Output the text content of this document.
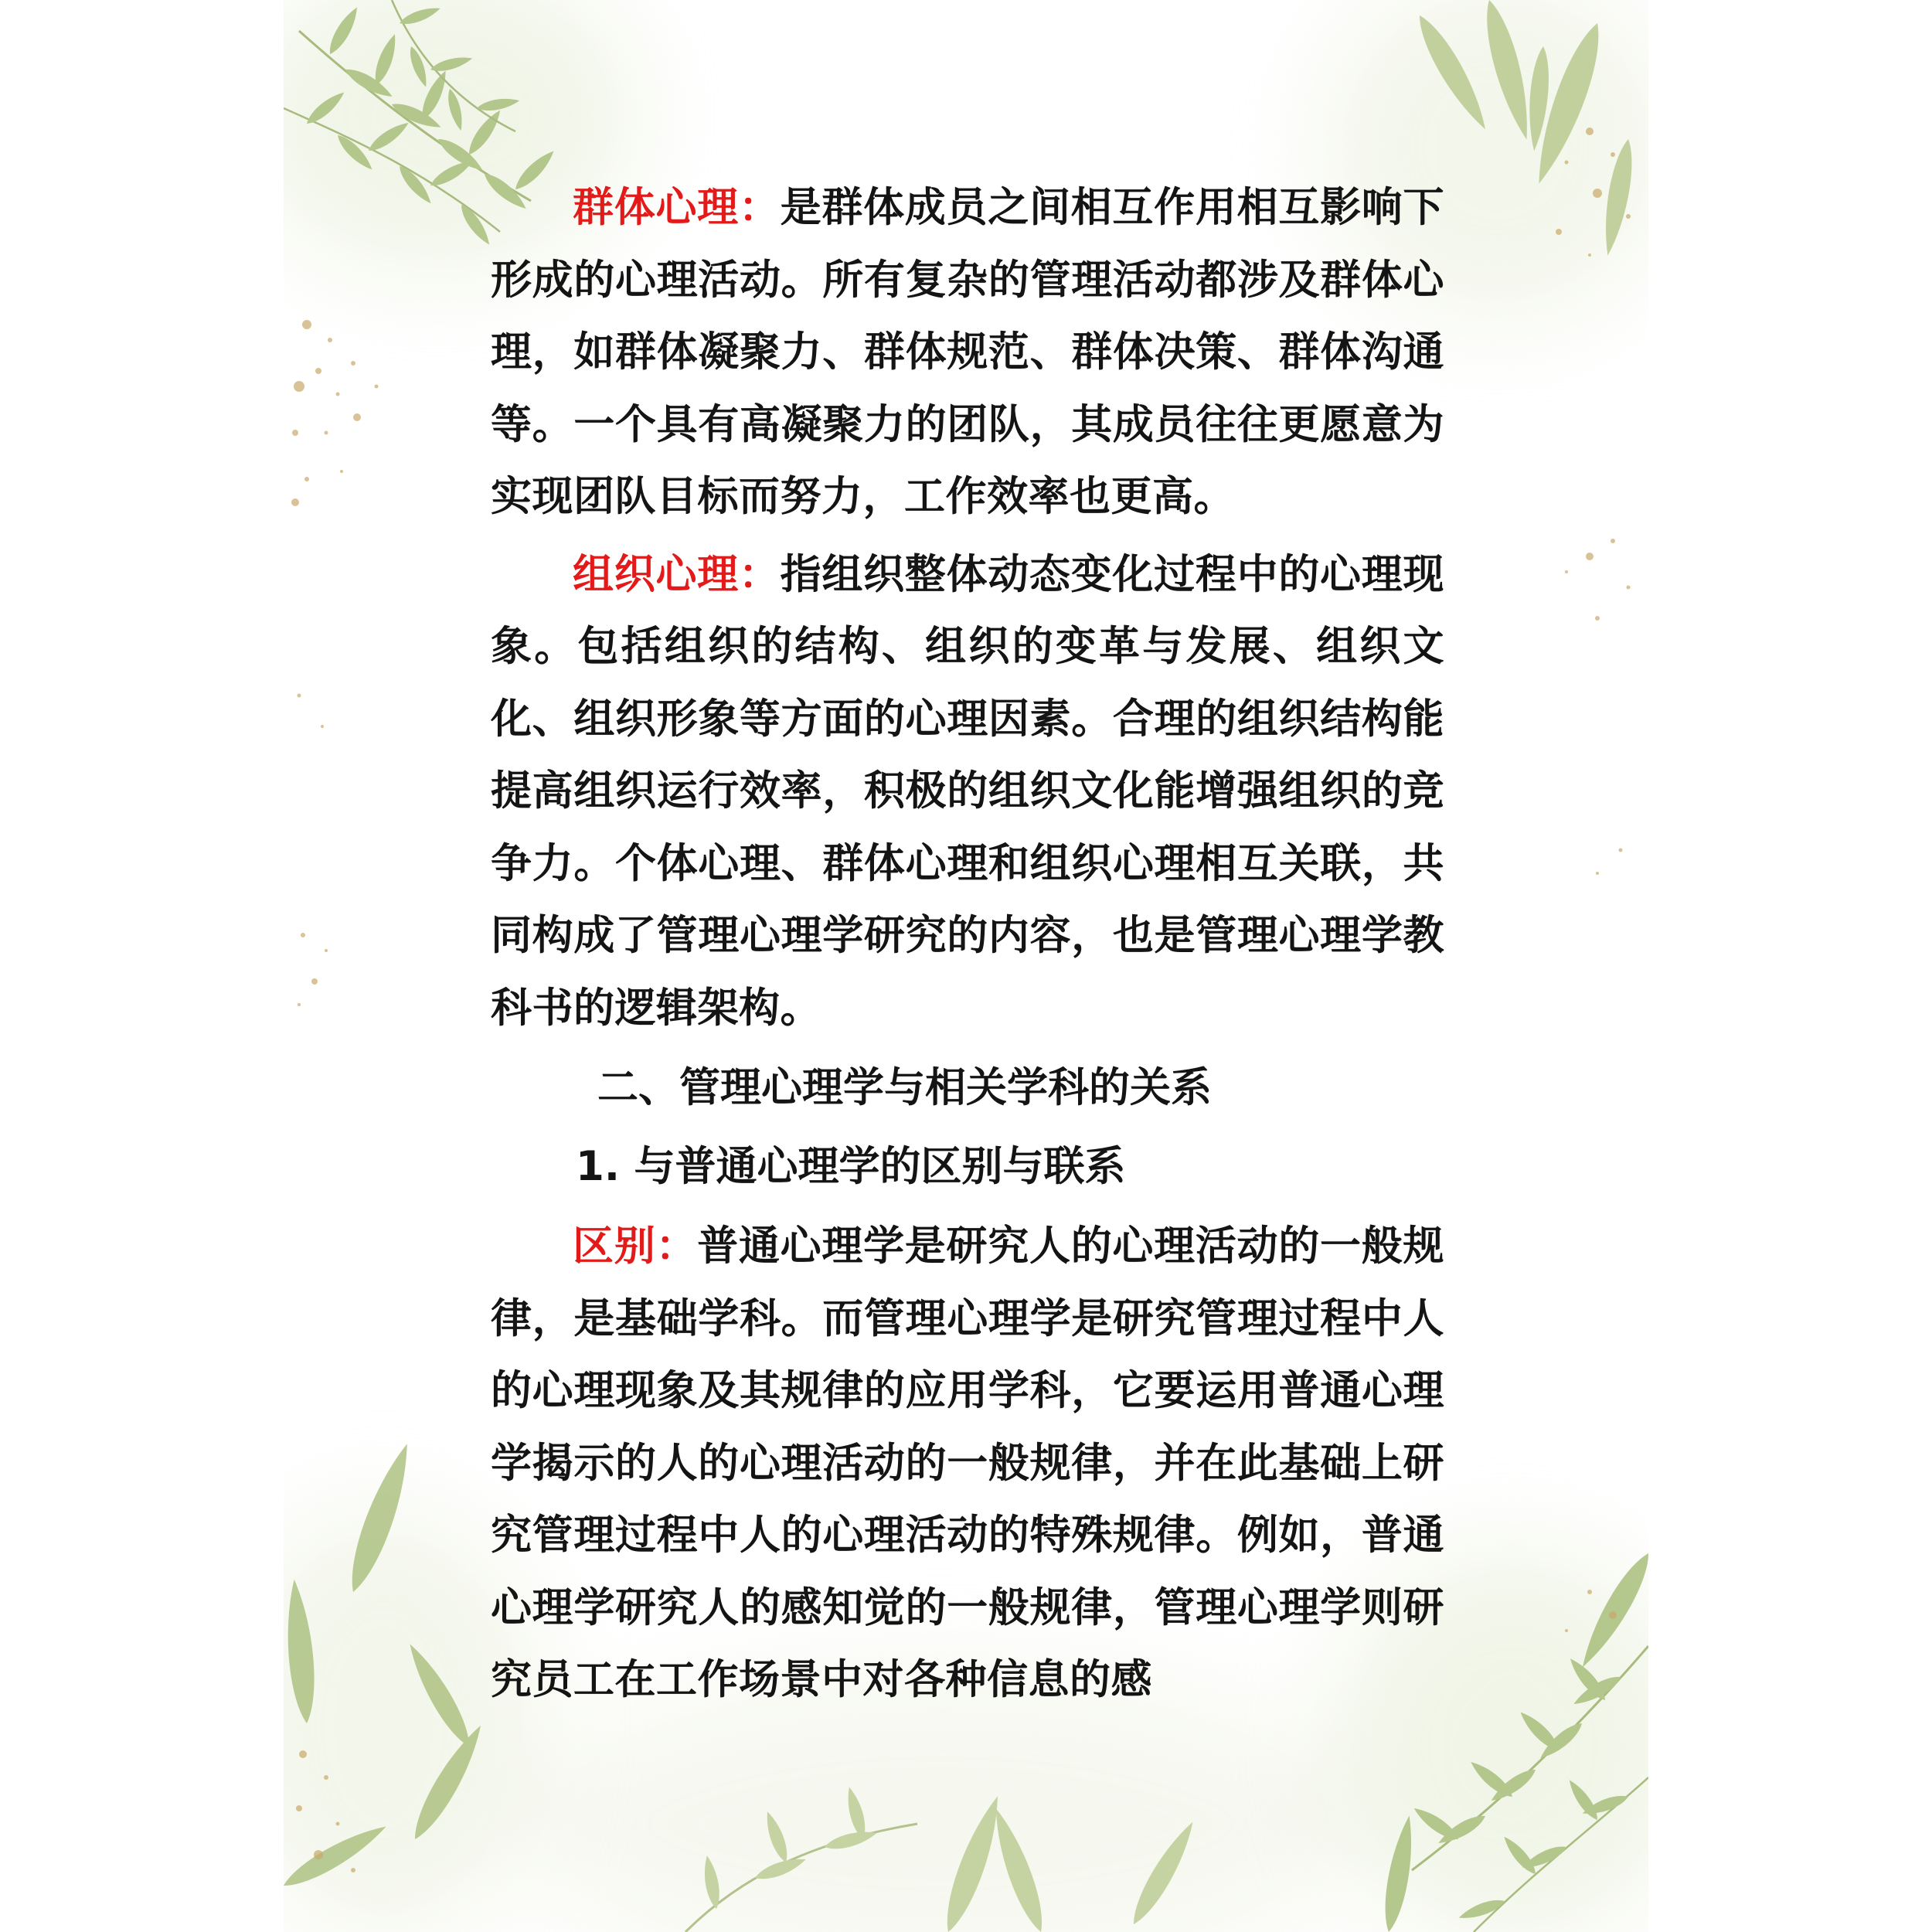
群体心理：是群体成员之间相互作用相互影响下形成的心理活动。所有复杂的管理活动都涉及群体心理，如群体凝聚力、群体规范、群体决策、群体沟通等。一个具有高凝聚力的团队，其成员往往更愿意为实现团队目标而努力，工作效率也更高。

组织心理：指组织整体动态变化过程中的心理现象。包括组织的结构、组织的变革与发展、组织文化、组织形象等方面的心理因素。合理的组织结构能提高组织运行效率，积极的组织文化能增强组织的竞争力。个体心理、群体心理和组织心理相互关联，共同构成了管理心理学研究的内容，也是管理心理学教科书的逻辑架构。

二、管理心理学与相关学科的关系

1. 与普通心理学的区别与联系

区别：普通心理学是研究人的心理活动的一般规律，是基础学科。而管理心理学是研究管理过程中人的心理现象及其规律的应用学科，它要运用普通心理学揭示的人的心理活动的一般规律，并在此基础上研究管理过程中人的心理活动的特殊规律。例如，普通心理学研究人的感知觉的一般规律，管理心理学则研究员工在工作场景中对各种信息的感
